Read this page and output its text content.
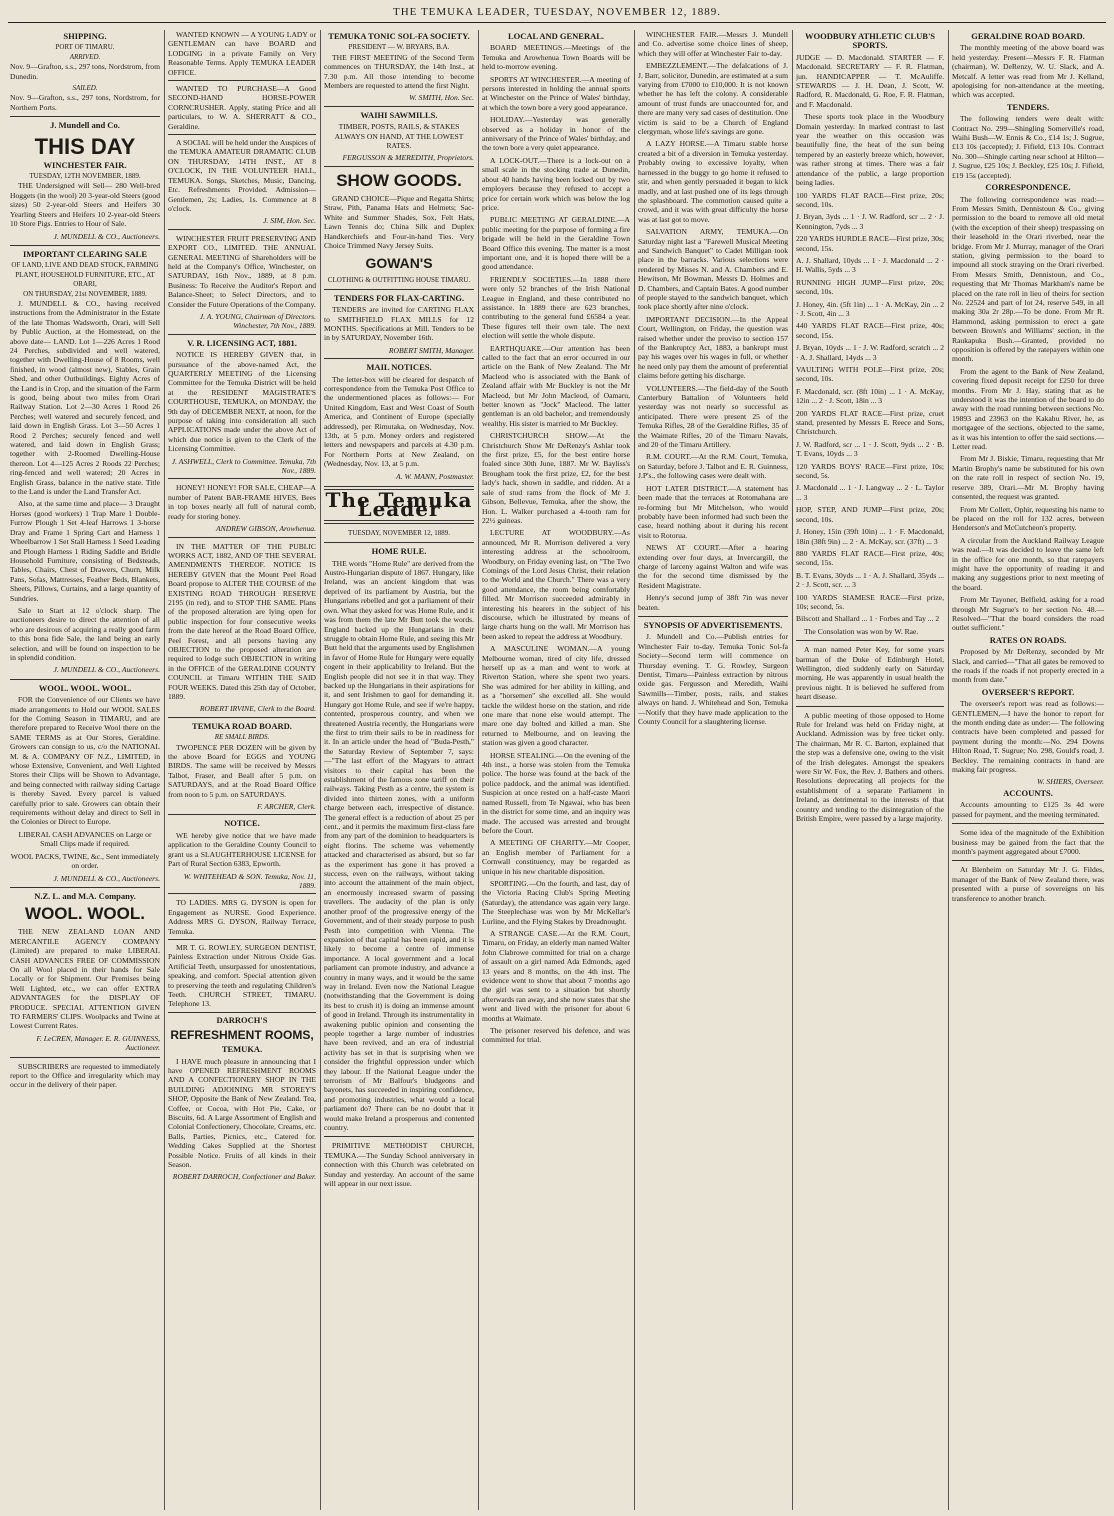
THE TEMUKA LEADER, TUESDAY, NOVEMBER 12, 1889.
SHIPPING.
PORT OF TIMARU.
ARRIVED.

Nov. 9—Grafton, s.s., 297 tons, Nordstrom, from Dunedin.

SAILED.

Nov. 9—Grafton, s.s., 297 tons, Nordstrom, for Northern Ports.

J. Mundell and Co.
THIS DAY
WINCHESTER FAIR.
TUESDAY, 12TH NOVEMBER, 1889.

THE Undersigned will Sell— 280 Well-bred Hoggets (in the wool) 20 3-year-old Steers (good sizes) 50 2-year-old Steers and Heifers 30 Yearling Steers and Heifers 10 2-year-old Steers 10 Store Pigs. Entries to Hour of Sale.

J. MUNDELL & CO., Auctioneers.
IMPORTANT CLEARING SALE
OF LAND, LIVE AND DEAD STOCK, FARMING PLANT, HOUSEHOLD FURNITURE, ETC., AT ORARI,
ON THURSDAY, 21st NOVEMBER, 1889.

J. MUNDELL & CO., having received instructions from the Administrator in the Estate of the late Thomas Wadsworth, Orari, will Sell by Public Auction, at the Homestead, on the above date— LAND. Lot 1—226 Acres 1 Rood 24 Perches, subdivided and well watered, together with Dwelling-House of 8 Rooms, well finished, in wood (almost new), Stables, Grain Shed, and other Outbuildings. Eighty Acres of the Land is in Crop, and the situation of the Farm is good, being about two miles from Orari Railway Station. Lot 2—30 Acres 1 Rood 26 Perches; well watered and securely fenced, and laid down in English Grass. Lot 3—50 Acres 1 Rood 2 Perches; securely fenced and well watered, and laid down in English Grass; together with 2-Roomed Dwelling-House thereon. Lot 4—125 Acres 2 Roods 22 Perches; ring-fenced and well watered; 20 Acres in English Grass, balance in the native state. Title to the Land is under the Land Transfer Act.

Also, at the same time and place— 3 Draught Horses (good workers) 1 Trap Mare 1 Double-Furrow Plough 1 Set 4-leaf Harrows 1 3-horse Dray and Frame 1 Spring Cart and Harness 1 Wheelbarrow 1 Set Stall Harness 1 Seed Leading and Plough Harness 1 Riding Saddle and Bridle Household Furniture, consisting of Bedsteads, Tables, Chairs, Chest of Drawers, Churn, Milk Pans, Sofas, Mattresses, Feather Beds, Blankets, Sheets, Pillows, Curtains, and a large quantity of Sundries.

Sale to Start at 12 o'clock sharp. The auctioneers desire to direct the attention of all who are desirous of acquiring a really good farm to this bona fide Sale, the land being an early selection, and will be found on inspection to be in splendid condition.

J. MUNDELL & CO., Auctioneers.
WOOL. WOOL. WOOL.

FOR the Convenience of our Clients we have made arrangements to Hold our WOOL SALES for the Coming Season in TIMARU, and are therefore prepared to Receive Wool there on the SAME TERMS as at Our Stores, Geraldine. Growers can consign to us, c/o the NATIONAL M. & A. COMPANY OF N.Z., LIMITED, in whose Extensive, Convenient, and Well Lighted Stores their Clips will be Shown to Advantage, and being connected with railway siding Cartage is thereby Saved. Every parcel is valued carefully prior to sale. Growers can obtain their requirements without delay and direct to Sell in the Colonies or Direct to Europe.

LIBERAL CASH ADVANCES on Large or Small Clips made if required.

WOOL PACKS, TWINE, &c., Sent immediately on order.

J. MUNDELL & CO., Auctioneers.
N.Z. L. and M.A. Company.
WOOL. WOOL.

THE NEW ZEALAND LOAN AND MERCANTILE AGENCY COMPANY (Limited) are prepared to make LIBERAL CASH ADVANCES FREE OF COMMISSION On all Wool placed in their hands for Sale Locally or for Shipment. Our Premises being Well Lighted, etc., we can offer EXTRA ADVANTAGES for the DISPLAY OF PRODUCE. SPECIAL ATTENTION GIVEN TO FARMERS' CLIPS. Woolpacks and Twine at Lowest Current Rates.

F. LeCREN, Manager. E. R. GUINNESS, Auctioneer.

SUBSCRIBERS are requested to immediately report to the Office and irregularity which may occur in the delivery of their paper.

WANTED KNOWN — A YOUNG LADY or GENTLEMAN can have BOARD and LODGING in a private Family on Very Reasonable Terms. Apply TEMUKA LEADER OFFICE.

WANTED TO PURCHASE—A Good SECOND-HAND HORSE-POWER CORNCRUSHER. Apply, stating Price and all particulars, to W. A. SHERRATT & CO., Geraldine.

A SOCIAL will be held under the Auspices of the TEMUKA AMATEUR DRAMATIC CLUB ON THURSDAY, 14TH INST., AT 8 O'CLOCK, IN THE VOLUNTEER HALL, TEMUKA. Songs, Sketches, Music, Dancing, Etc. Refreshments Provided. Admission—Gentlemen, 2s; Ladies, 1s. Commence at 8 o'clock.

J. SIM, Hon. Sec.

WINCHESTER FRUIT PRESERVING AND EXPORT CO., LIMITED. THE ANNUAL GENERAL MEETING of Shareholders will be held at the Company's Office, Winchester, on SATURDAY, 16th Nov., 1889, at 8 p.m. Business: To Receive the Auditor's Report and Balance-Sheet; to Select Directors, and to Consider the Future Operations of the Company.

J. A. YOUNG, Chairman of Directors. Winchester, 7th Nov., 1889.
V. R. LICENSING ACT, 1881.

NOTICE IS HEREBY GIVEN that, in pursuance of the above-named Act, the QUARTERLY MEETING of the Licensing Committee for the Temuka District will be held at the RESIDENT MAGISTRATE'S COURTHOUSE, TEMUKA, on MONDAY, the 9th day of DECEMBER NEXT, at noon, for the purpose of taking into consideration all such APPLICATIONS made under the above Act of which due notice is given to the Clerk of the Licensing Committee.

J. ASHWELL, Clerk to Committee. Temuka, 7th Nov., 1889.

HONEY! HONEY! FOR SALE, CHEAP—A number of Patent BAR-FRAME HIVES, Bees in top boxes nearly all full of natural comb, ready for storing honey.

ANDREW GIBSON, Arowhenua.

IN THE MATTER OF THE PUBLIC WORKS ACT, 1882, AND OF THE SEVERAL AMENDMENTS THEREOF. NOTICE IS HEREBY GIVEN that the Mount Peel Road Board propose to ALTER THE COURSE of the EXISTING ROAD THROUGH RESERVE 2195 (in red), and to STOP THE SAME. Plans of the proposed alteration are lying open for public inspection for four consecutive weeks from the date hereof at the Road Board Office, Peel Forest, and all persons having any OBJECTION to the proposed alteration are required to lodge such OBJECTION in writing in the OFFICE of the GERALDINE COUNTY COUNCIL at Timaru WITHIN THE SAID FOUR WEEKS. Dated this 25th day of October, 1889.

ROBERT IRVINE, Clerk to the Board.
TEMUKA ROAD BOARD.
RE SMALL BIRDS.

TWOPENCE PER DOZEN will be given by the above Board for EGGS and YOUNG BIRDS. The same will be received by Messrs Talbot, Fraser, and Beall after 5 p.m. on SATURDAYS, and at the Road Board Office from noon to 5 p.m. on SATURDAYS.

F. ARCHER, Clerk.
NOTICE.

WE hereby give notice that we have made application to the Geraldine County Council to grant us a SLAUGHTERHOUSE LICENSE for Part of Rural Section 6383, Epworth.

W. WHITEHEAD & SON. Temuka, Nov. 11, 1889.

TO LADIES. MRS G. DYSON is open for Engagement as NURSE. Good Experience. Address MRS G. DYSON, Railway Terrace, Temuka.

MR T. G. ROWLEY, SURGEON DENTIST, Painless Extraction under Nitrous Oxide Gas. Artificial Teeth, unsurpassed for unostentatious, speaking, and comfort. Special attention given to preserving the teeth and regulating Children's Teeth. CHURCH STREET, TIMARU. Telephone 13.

DARROCH'S
REFRESHMENT ROOMS,
TEMUKA.

I HAVE much pleasure in announcing that I have OPENED REFRESHMENT ROOMS AND A CONFECTIONERY SHOP IN THE BUILDING ADJOINING MR STOREY'S SHOP, Opposite the Bank of New Zealand. Tea, Coffee, or Cocoa, with Hot Pie, Cake, or Biscuits, 6d. A Large Assortment of English and Colonial Confectionery, Chocolate, Creams, etc. Balls, Parties, Picnics, etc., Catered for. Wedding Cakes Supplied at the Shortest Possible Notice. Fruits of all kinds in their Season.

ROBERT DARROCH, Confectioner and Baker.
TEMUKA TONIC SOL-FA SOCIETY.
PRESIDENT — W. BRYARS, B.A.

THE FIRST MEETING of the Second Term commences on THURSDAY, the 14th Inst., at 7.30 p.m. All those intending to become Members are requested to attend the first Night.

W. SMITH, Hon. Sec.
WAIHI SAWMILLS.

TIMBER, POSTS, RAILS, & STAKES ALWAYS ON HAND, AT THE LOWEST RATES.

FERGUSSON & MEREDITH, Proprietors.
SHOW GOODS.

GRAND CHOICE—Pique and Regatta Shirts; Straw, Pith, Panama Hats and Helmets; Sac-White and Summer Shades, Sox, Felt Hats, Lawn Tennis do; China Silk and Duplex Handkerchiefs and Four-in-hand Ties. Very Choice Trimmed Navy Jersey Suits.

GOWAN'S
CLOTHING & OUTFITTING HOUSE TIMARU.
TENDERS FOR FLAX-CARTING.

TENDERS are invited for CARTING FLAX to SMITHFIELD FLAX MILLS for 12 MONTHS. Specifications at Mill. Tenders to be in by SATURDAY, November 16th.

ROBERT SMITH, Manager.
MAIL NOTICES.

The letter-box will be cleared for despatch of correspondence from the Temuka Post Office to the undermentioned places as follows:— For United Kingdom, East and West Coast of South America, and Continent of Europe (specially addressed), per Rimutaka, on Wednesday, Nov. 13th, at 5 p.m. Money orders and registered letters and newspapers and parcels at 4.30 p.m. For Northern Ports at New Zealand, on (Wednesday, Nov. 13, at 5 p.m.

A. W. MANN, Postmaster.
The Temuka Leader
TUESDAY, NOVEMBER 12, 1889.
HOME RULE.

THE words "Home Rule" are derived from the Austro-Hungarian dispute of 1867. Hungary, like Ireland, was an ancient kingdom that was deprived of its parliament by Austria, but the Hungarians rebelled and got a parliament of their own. What they asked for was Home Rule, and it was from them the late Mr Butt took the words. England backed up the Hungarians in their struggle to obtain Home Rule, and seeing this Mr Butt held that the arguments used by Englishmen in favor of Home Rule for Hungary were equally cogent in their applicability to Ireland. But the English people did not see it in that way. They backed up the Hungarians in their aspirations for it, and sent Irishmen to gaol for demanding it. Hungary got Home Rule, and see if we're happy, contented, prosperous country, and when we threatened Austria recently, the Hungarians were the first to trim their sails to be in readiness for it. In an article under the head of "Buda-Pesth," the Saturday Review of September 7, says:—"The last effort of the Magyars to attract visitors to their capital has been the establishment of the famous zone tariff on their railways. Taking Pesth as a centre, the system is divided into thirteen zones, with a uniform charge between each, irrespective of distance. The general effect is a reduction of about 25 per cent., and it permits the maximum first-class fare from any part of the dominion to headquarters is eight florins. The scheme was vehemently attacked and characterised as absurd, but so far as the experiment has gone it has proved a success, even on the railways, without taking into account the attainment of the main object, an enormously increased swarm of passing travellers. The audacity of the plan is only another proof of the progressive energy of the Government, and of their steady purpose to push Pesth into competition with Vienna. The expansion of that capital has been rapid, and it is likely to become a centre of immense importance. A local government and a local parliament can promote industry, and advance a country in many ways, and it would be the same way in Ireland. Even now the National League (notwithstanding that the Government is doing its best to crush it) is doing an immense amount of good in Ireland. Through its instrumentality in awakening public opinion and consenting the people together a large number of industries have been revived, and an era of industrial activity has set in that is surprising when we consider the frightful oppression under which they labour. If the National League under the terrorism of Mr Balfour's bludgeons and bayonets, has succeeded in inspiring confidence, and promoting industries, what would a local parliament do? There can be no doubt that it would make Ireland a prosperous and contented country.

PRIMITIVE METHODIST CHURCH, TEMUKA.—The Sunday School anniversary in connection with this Church was celebrated on Sunday and yesterday. An account of the same will appear in our next issue.

LOCAL AND GENERAL.

BOARD MEETINGS.—Meetings of the Temuka and Arowhenua Town Boards will be held to-morrow evening.

SPORTS AT WINCHESTER.—A meeting of persons interested in holding the annual sports at Winchester on the Prince of Wales' birthday, at which the town bore a very good appearance.

HOLIDAY.—Yesterday was generally observed as a holiday in honor of the anniversary of the Prince of Wales' birthday, and the town bore a very quiet appearance.

A LOCK-OUT.—There is a lock-out on a small scale in the stocking trade at Dunedin, about 40 hands having been locked out by two employers because they refused to accept a price for certain work which was below the log price.

PUBLIC MEETING AT GERALDINE.—A public meeting for the purpose of forming a fire brigade will be held in the Geraldine Town Board Office this evening. The matter is a most important one, and it is hoped there will be a good attendance.

FRIENDLY SOCIETIES.—In 1888 there were only 52 branches of the Irish National League in England, and these contributed no assistance. In 1889 there are 623 branches, contributing to the general fund £6584 a year. These figures tell their own tale. The next election will settle the whole dispute.

EARTHQUAKE.—Our attention has been called to the fact that an error occurred in our article on the Bank of New Zealand. The Mr Macleod who is associated with the Bank of Zealand affair with Mr Buckley is not the Mr Macleod, but Mr John Macleod, of Oamaru, better known as "Jock" Macleod. The latter gentleman is an old bachelor, and tremendously wealthy. His sister is married to Mr Buckley.

CHRISTCHURCH SHOW.—At the Christchurch Show Mr DeRenzy's Ashlar took the first prize, £5, for the best entire horse foaled since 30th June, 1887. Mr W. Bayliss's Brougham took the first prize, £2, for the best lady's hack, shown in saddle, and ridden. At a sale of stud rams from the flock of Mr J. Gibson, Bellevue, Temuka, after the show, the Hon. L. Walker purchased a 4-tooth ram for 22½ guineas.

LECTURE AT WOODBURY.—As announced, Mr R. Morrison delivered a very interesting address at the schoolroom, Woodbury, on Friday evening last, on "The Two Comings of the Lord Jesus Christ, their relation to the World and the Church." There was a very good attendance, the room being comfortably filled. Mr Morrison succeeded admirably in interesting his hearers in the subject of his discourse, which he illustrated by means of large charts hung on the wall. Mr Morrison has been asked to repeat the address at Woodbury.

A MASCULINE WOMAN.—A young Melbourne woman, tired of city life, dressed herself up as a man and went to work at Riverton Station, where she spent two years. She was admired for her ability in killing, and as a "horsemen" she excelled all. She would tackle the wildest horse on the station, and ride one mare that none else would attempt. The mare one day bolted and killed a man. She returned to Melbourne, and on leaving the station was given a good character.

HORSE STEALING.—On the evening of the 4th inst., a horse was stolen from the Temuka police. The horse was found at the back of the police paddock, and the animal was identified. Suspicion at once rested on a half-caste Maori named Russell, from Te Ngawai, who has been in the district for some time, and an inquiry was made. The accused was arrested and brought before the Court.

A MEETING OF CHARITY.—Mr Cooper, an English member of Parliament for a Cornwall constituency, may be regarded as unique in his new charitable disposition.

SPORTING.—On the fourth, and last, day of the Victoria Racing Club's Spring Meeting (Saturday), the attendance was again very large. The Steeplechase was won by Mr McKellar's Lurline, and the Flying Stakes by Dreadnought.

A STRANGE CASE.—At the R.M. Court, Timaru, on Friday, an elderly man named Walter John Clabrowe committed for trial on a charge of assault on a girl named Ada Edmonds, aged 13 years and 8 months, on the 4th inst. The evidence went to show that about 7 months ago the girl was sent to a situation but shortly afterwards ran away, and she now states that she went and lived with the prisoner for about 6 months at Waimate.

The prisoner reserved his defence, and was committed for trial.

WINCHESTER FAIR.—Messrs J. Mundell and Co. advertise some choice lines of sheep, which they will offer at Winchester Fair to-day.

EMBEZZLEMENT.—The defalcations of J. J. Barr, solicitor, Dunedin, are estimated at a sum varying from £7000 to £10,000. It is not known whether he has left the colony. A considerable amount of trust funds are unaccounted for, and there are many very sad cases of destitution. One victim is said to be a Church of England clergyman, whose life's savings are gone.

A LAZY HORSE.—A Timaru stable horse created a bit of a diversion in Temuka yesterday. Probably owing to excessive loyalty, when harnessed in the buggy to go home it refused to stir, and when gently persuaded it began to kick madly, and at last pushed one of its legs through the splashboard. The commotion caused quite a crowd, and it was with great difficulty the horse was at last got to move.

SALVATION ARMY, TEMUKA.—On Saturday night last a "Farewell Musical Meeting and Sandwich Banquet" to Cadet Milligan took place in the barracks. Various selections were rendered by Misses N. and A. Chambers and E. Hewitson, Mr Bowman, Messrs D. Holmes and D. Chambers, and Captain Bates. A good number of people stayed to the sandwich banquet, which took place shortly after nine o'clock.

IMPORTANT DECISION.—In the Appeal Court, Wellington, on Friday, the question was raised whether under the proviso to section 157 of the Bankruptcy Act, 1883, a bankrupt must pay his wages over his wages in full, or whether he need only pay them the amount of preferential claims before getting his discharge.

VOLUNTEERS.—The field-day of the South Canterbury Battalion of Volunteers held yesterday was not nearly so successful as anticipated. There were present 25 of the Temuka Rifles, 28 of the Geraldine Rifles, 35 of the Waimate Rifles, 20 of the Timaru Navals, and 20 of the Timaru Artillery.

R.M. COURT.—At the R.M. Court, Temuka, on Saturday, before J. Talbot and E. R. Guinness, J.P's., the following cases were dealt with.

HOT LATER DISTRICT.—A statement has been made that the terraces at Rotomahana are re-forming but Mr Mitchelson, who would probably have been informed had such been the case, heard nothing about it during his recent visit to Rotorua.

NEWS AT COURT.—After a hearing extending over four days, at Invercargill, the charge of larceny against Walton and wife was the for the second time dismissed by the Resident Magistrate.

Henry's second jump of 38ft 7in was never beaten.

SYNOPSIS OF ADVERTISEMENTS.

J. Mundell and Co.—Publish entries for Winchester Fair to-day. Temuka Tonic Sol-fa Society—Second term will commence on Thursday evening. T. G. Rowley, Surgeon Dentist, Timaru—Painless extraction by nitrous oxide gas. Fergusson and Meredith, Waihi Sawmills—Timber, posts, rails, and stakes always on hand. J. Whitehead and Son, Temuka—Notify that they have made application to the County Council for a slaughtering license.

WOODBURY ATHLETIC CLUB'S SPORTS.

JUDGE — D. Macdonald. STARTER — F. Macdonald. SECRETARY — F. R. Flatman, jun. HANDICAPPER — T. McAuliffe. STEWARDS — J. H. Dean, J. Scott, W. Radford, R. Macdonald, G. Roe, F. R. Flatman, and F. Macdonald.

These sports took place in the Woodbury Domain yesterday. In marked contrast to last year the weather on this occasion was beautifully fine, the heat of the sun being tempered by an easterly breeze which, however, was rather strong at times. There was a fair attendance of the public, a large proportion being ladies.

100 YARDS FLAT RACE—First prize, 20s; second, 10s.

J. Bryan, 3yds ... 1 · J. W. Radford, scr ... 2 · J. Kennington, 7yds ... 3

220 YARDS HURDLE RACE—First prize, 30s; second, 15s.

A. J. Shallard, 10yds ... 1 · J. Macdonald ... 2 · H. Wallis, 5yds ... 3

RUNNING HIGH JUMP—First prize, 20s; second, 10s.

J. Honey, 4in. (5ft 1in) ... 1 · A. McKay, 2in ... 2 · J. Scott, 4in ... 3

440 YARDS FLAT RACE—First prize, 40s; second, 15s.

J. Bryan, 10yds ... 1 · J. W. Radford, scratch ... 2 · A. J. Shallard, 14yds ... 3

VAULTING WITH POLE—First prize, 20s; second, 10s.

F. Macdonald, scr. (8ft 10in) ... 1 · A. McKay, 12in ... 2 · J. Scott, 18in ... 3

200 YARDS FLAT RACE—First prize, cruet stand, presented by Messrs E. Reece and Sons, Christchurch.

J. W. Radford, scr ... 1 · J. Scott, 9yds ... 2 · B. T. Evans, 10yds ... 3

120 YARDS BOYS' RACE—First prize, 10s; second, 5s.

J. Macdonald ... 1 · J. Langway ... 2 · L. Taylor ... 3

HOP, STEP, AND JUMP—First prize, 20s; second, 10s.

J. Honey, 15in (39ft 10in) ... 1 · F. Macdonald, 18in (38ft 9in) ... 2 · A. McKay, scr. (37ft) ... 3

880 YARDS FLAT RACE—First prize, 40s; second, 15s.

B. T. Evans, 30yds ... 1 · A. J. Shallard, 35yds ... 2 · J. Scott, scr. ... 3

100 YARDS SIAMESE RACE—First prize, 10s; second, 5s.

Bilscott and Shallard ... 1 · Forbes and Tay ... 2

The Consolation was won by W. Rae.

A man named Peter Key, for some years barman of the Duke of Edinburgh Hotel, Wellington, died suddenly early on Saturday morning. He was apparently in usual health the previous night. It is believed he suffered from heart disease.

A public meeting of those opposed to Home Rule for Ireland was held on Friday night, at Auckland. Admission was by free ticket only. The chairman, Mr R. C. Barton, explained that the step was a defensive one, owing to the visit of the Irish delegates. Amongst the speakers were Sir W. Fox, the Rev. J. Bathers and others. Resolutions deprecating all projects for the establishment of a separate Parliament in Ireland, as detrimental to the interests of that country and tending to the disintegration of the British Empire, were passed by a large majority.

GERALDINE ROAD BOARD.

The monthly meeting of the above board was held yesterday. Present—Messrs F. R. Flatman (chairman), W. DeRenzy, W. U. Slack, and A. Metcalf. A letter was read from Mr J. Kelland, apologising for non-attendance at the meeting, which was accepted.

TENDERS.

The following tenders were dealt with: Contract No. 299—Shingling Somerville's road, Waihi Bush—W. Ennis & Co., £14 1s; J. Sugrue, £13 10s (accepted); J. Fifield, £13 10s. Contract No. 300—Shingle carting near school at Hilton—J. Sugrue, £25 10s; J. Beckley, £25 10s; J. Fifield, £19 15s (accepted).

CORRESPONDENCE.

The following correspondence was read:— From Messrs Smith, Dennistoun & Co., giving permission to the board to remove all old metal (with the exception of their sheep) trespassing on their leasehold in the Orari riverbed, near the bridge. From Mr J. Murray, manager of the Orari station, giving permission to the board to impound all stock straying on the Orari riverbed. From Messrs Smith, Dennistoun, and Co., requesting that Mr Thomas Markham's name be placed on the rate roll in lieu of theirs for section No. 22524 and part of lot 24, reserve 549, in all making 30a 2r 28p.—To be done. From Mr R. Hammond, asking permission to erect a gate between Brown's and Williams' section, in the Raukapuka Bush.—Granted, provided no opposition is offered by the ratepayers within one month.

From the agent to the Bank of New Zealand, covering fixed deposit receipt for £250 for three months. From Mr J. Hay, stating that as he understood it was the intention of the board to do away with the road running between sections No. 19893 and 23963 on the Kakahu River, he, as mortgagee of the sections, objected to the same, as it was his intention to offer the said sections.—Letter read.

From Mr J. Biskie, Timaru, requesting that Mr Martin Brophy's name be substituted for his own on the rate roll in respect of section No. 19, reserve 389, Orari.—Mr M. Brophy having consented, the request was granted.

From Mr Collett, Ophir, requesting his name to be placed on the roll for 132 acres, between Henderson's and McCutcheon's property.

A circular from the Auckland Railway League was read.—It was decided to leave the same left in the office for one month, so that ratepayers might have the opportunity of reading it and making any suggestions prior to next meeting of the board.

From Mr Tayoner, Belfield, asking for a road through Mr Sugrue's to her section No. 48.—Resolved—"That the board considers the road outlet sufficient."

RATES ON ROADS.

Proposed by Mr DeRenzy, seconded by Mr Slack, and carried—"That all gates be removed to the roads if the roads if not properly erected in a month from date."

OVERSEER'S REPORT.

The overseer's report was read as follows:— GENTLEMEN,—I have the honor to report for the month ending date as under:— The following contracts have been completed and passed for payment during the month:—No. 294 Downs Hilton Road, T. Sugrue; No. 298, Gould's road, J. Beckley. The remaining contracts in hand are making fair progress.

W. SHIERS, Overseer.
ACCOUNTS.

Accounts amounting to £125 3s 4d were passed for payment, and the meeting terminated.

Some idea of the magnitude of the Exhibition business may be gained from the fact that the month's payment aggregated about £7000.

At Blenheim on Saturday Mr J. G. Fildes, manager of the Bank of New Zealand there, was presented with a purse of sovereigns on his transference to another branch.
